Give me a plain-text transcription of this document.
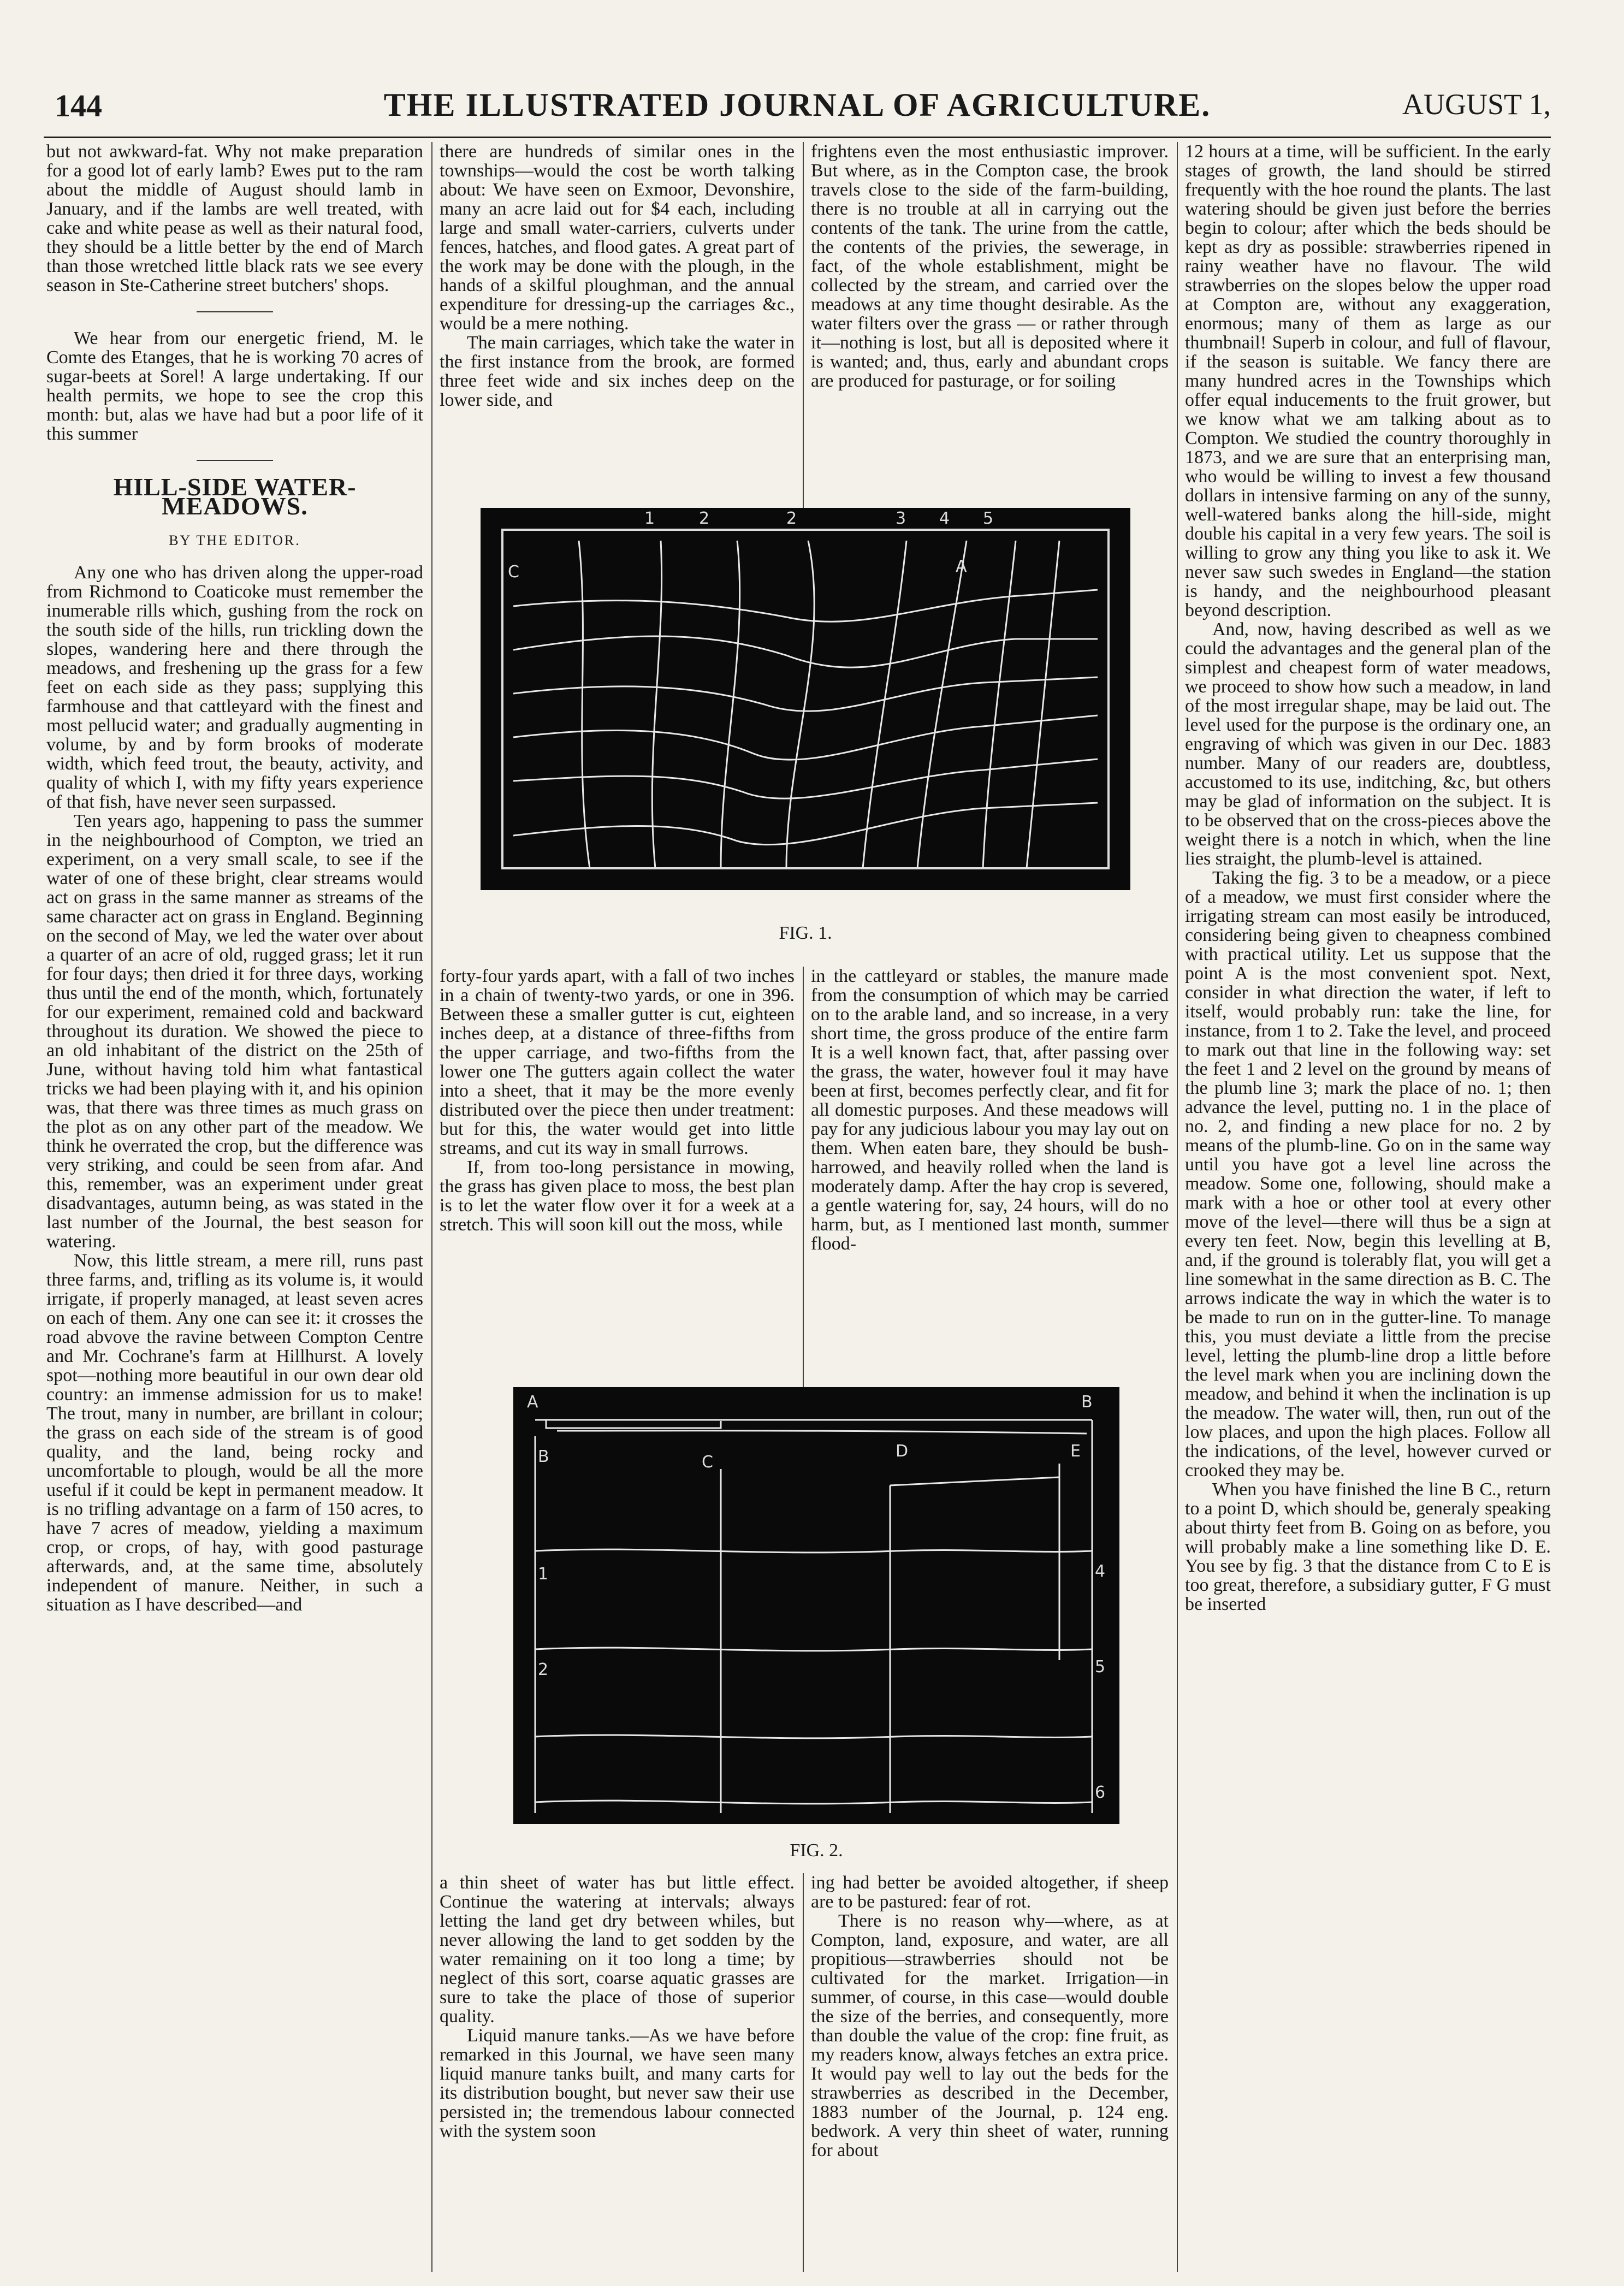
144	THE ILLUSTRATED JOURNAL OF AGRICULTURE.	AUGUST 1,

but not awkward-fat. Why not make preparation for a good lot of early lamb? Ewes put to the ram about the middle of August should lamb in January, and if the lambs are well treated, with cake and white pease as well as their natural food, they should be a little better by the end of March than those wretched little black rats we see every season in Ste-Catherine street butchers' shops.

We hear from our energetic friend, M. le Comte des Etanges, that he is working 70 acres of sugar-beets at Sorel! A large undertaking. If our health permits, we hope to see the crop this month: but, alas we have had but a poor life of it this summer

HILL-SIDE WATER-MEADOWS.
BY THE EDITOR.

Any one who has driven along the upper-road from Richmond to Coaticoke must remember the inumerable rills which, gushing from the rock on the south side of the hills, run trickling down the slopes, wandering here and there through the meadows, and freshening up the grass for a few feet on each side as they pass; supplying this farmhouse and that cattleyard with the finest and most pellucid water; and gradually augmenting in volume, by and by form brooks of moderate width, which feed trout, the beauty, activity, and quality of which I, with my fifty years experience of that fish, have never seen surpassed.

Ten years ago, happening to pass the summer in the neighbourhood of Compton, we tried an experiment, on a very small scale, to see if the water of one of these bright, clear streams would act on grass in the same manner as streams of the same character act on grass in England. Beginning on the second of May, we led the water over about a quarter of an acre of old, rugged grass; let it run for four days; then dried it for three days, working thus until the end of the month, which, fortunately for our experiment, remained cold and backward throughout its duration. We showed the piece to an old inhabitant of the district on the 25th of June, without having told him what fantastical tricks we had been playing with it, and his opinion was, that there was three times as much grass on the plot as on any other part of the meadow. We think he overrated the crop, but the difference was very striking, and could be seen from afar. And this, remember, was an experiment under great disadvantages, autumn being, as was stated in the last number of the Journal, the best season for watering.

Now, this little stream, a mere rill, runs past three farms, and, trifling as its volume is, it would irrigate, if properly managed, at least seven acres on each of them. Any one can see it: it crosses the road abvove the ravine between Compton Centre and Mr. Cochrane's farm at Hillhurst. A lovely spot—nothing more beautiful in our own dear old country: an immense admission for us to make! The trout, many in number, are brillant in colour; the grass on each side of the stream is of good quality, and the land, being rocky and uncomfortable to plough, would be all the more useful if it could be kept in permanent meadow. It is no trifling advantage on a farm of 150 acres, to have 7 acres of meadow, yielding a maximum crop, or crops, of hay, with good pasturage afterwards, and, at the same time, absolutely independent of manure. Neither, in such a situation as I have described—and

there are hundreds of similar ones in the townships—would the cost be worth talking about: We have seen on Exmoor, Devonshire, many an acre laid out for $4 each, including large and small water-carriers, culverts under fences, hatches, and flood gates. A great part of the work may be done with the plough, in the hands of a skilful ploughman, and the annual expenditure for dressing-up the carriages &c., would be a mere nothing.

The main carriages, which take the water in the first instance from the brook, are formed three feet wide and six inches deep on the lower side, and

frightens even the most enthusiastic improver. But where, as in the Compton case, the brook travels close to the side of the farm-building, there is no trouble at all in carrying out the contents of the tank. The urine from the cattle, the contents of the privies, the sewerage, in fact, of the whole establishment, might be collected by the stream, and carried over the meadows at any time thought desirable. As the water filters over the grass — or rather through it—nothing is lost, but all is deposited where it is wanted; and, thus, early and abundant crops are produced for pasturage, or for soiling

1	2	2	3 4 5
A
C
FIG. 1.

forty-four yards apart, with a fall of two inches in a chain of twenty-two yards, or one in 396. Between these a smaller gutter is cut, eighteen inches deep, at a distance of three-fifths from the upper carriage, and two-fifths from the lower one The gutters again collect the water into a sheet, that it may be the more evenly distributed over the piece then under treatment: but for this, the water would get into little streams, and cut its way in small furrows.

If, from too-long persistance in mowing, the grass has given place to moss, the best plan is to let the water flow over it for a week at a stretch. This will soon kill out the moss, while

in the cattleyard or stables, the manure made from the consumption of which may be carried on to the arable land, and so increase, in a very short time, the gross produce of the entire farm It is a well known fact, that, after passing over the grass, the water, however foul it may have been at first, becomes perfectly clear, and fit for all domestic purposes. And these meadows will pay for any judicious labour you may lay out on them. When eaten bare, they should be bush-harrowed, and heavily rolled when the land is moderately damp. After the hay crop is severed, a gentle watering for, say, 24 hours, will do no harm, but, as I mentioned last month, summer flood-

A	B
B	C
D	E
1	4
2	5
6
FIG. 2.

a thin sheet of water has but little effect. Continue the watering at intervals; always letting the land get dry between whiles, but never allowing the land to get sodden by the water remaining on it too long a time; by neglect of this sort, coarse aquatic grasses are sure to take the place of those of superior quality.

Liquid manure tanks.—As we have before remarked in this Journal, we have seen many liquid manure tanks built, and many carts for its distribution bought, but never saw their use persisted in; the tremendous labour connected with the system soon

ing had better be avoided altogether, if sheep are to be pastured: fear of rot.

There is no reason why—where, as at Compton, land, exposure, and water, are all propitious—strawberries should not be cultivated for the market. Irrigation—in summer, of course, in this case—would double the size of the berries, and consequently, more than double the value of the crop: fine fruit, as my readers know, always fetches an extra price. It would pay well to lay out the beds for the strawberries as described in the December, 1883 number of the Journal, p. 124 eng. bedwork. A very thin sheet of water, running for about

12 hours at a time, will be sufficient. In the early stages of growth, the land should be stirred frequently with the hoe round the plants. The last watering should be given just before the berries begin to colour; after which the beds should be kept as dry as possible: strawberries ripened in rainy weather have no flavour. The wild strawberries on the slopes below the upper road at Compton are, without any exaggeration, enormous; many of them as large as our thumbnail! Superb in colour, and full of flavour, if the season is suitable. We fancy there are many hundred acres in the Townships which offer equal inducements to the fruit grower, but we know what we am talking about as to Compton. We studied the country thoroughly in 1873, and we are sure that an enterprising man, who would be willing to invest a few thousand dollars in intensive farming on any of the sunny, well-watered banks along the hill-side, might double his capital in a very few years. The soil is willing to grow any thing you like to ask it. We never saw such swedes in England—the station is handy, and the neighbourhood pleasant beyond description.

And, now, having described as well as we could the advantages and the general plan of the simplest and cheapest form of water meadows, we proceed to show how such a meadow, in land of the most irregular shape, may be laid out. The level used for the purpose is the ordinary one, an engraving of which was given in our Dec. 1883 number. Many of our readers are, doubtless, accustomed to its use, inditching, &c, but others may be glad of information on the subject. It is to be observed that on the cross-pieces above the weight there is a notch in which, when the line lies straight, the plumb-level is attained.

Taking the fig. 3 to be a meadow, or a piece of a meadow, we must first consider where the irrigating stream can most easily be introduced, considering being given to cheapness combined with practical utility. Let us suppose that the point A is the most convenient spot. Next, consider in what direction the water, if left to itself, would probably run: take the line, for instance, from 1 to 2. Take the level, and proceed to mark out that line in the following way: set the feet 1 and 2 level on the ground by means of the plumb line 3; mark the place of no. 1; then advance the level, putting no. 1 in the place of no. 2, and finding a new place for no. 2 by means of the plumb-line. Go on in the same way until you have got a level line across the meadow. Some one, following, should make a mark with a hoe or other tool at every other move of the level—there will thus be a sign at every ten feet. Now, begin this levelling at B, and, if the ground is tolerably flat, you will get a line somewhat in the same direction as B. C. The arrows indicate the way in which the water is to be made to run on in the gutter-line. To manage this, you must deviate a little from the precise level, letting the plumb-line drop a little before the level mark when you are inclining down the meadow, and behind it when the inclination is up the meadow. The water will, then, run out of the low places, and upon the high places. Follow all the indications, of the level, however curved or crooked they may be.

When you have finished the line B C., return to a point D, which should be, generaly speaking about thirty feet from B. Going on as before, you will probably make a line something like D. E. You see by fig. 3 that the distance from C to E is too great, therefore, a subsidiary gutter, F G must be inserted
